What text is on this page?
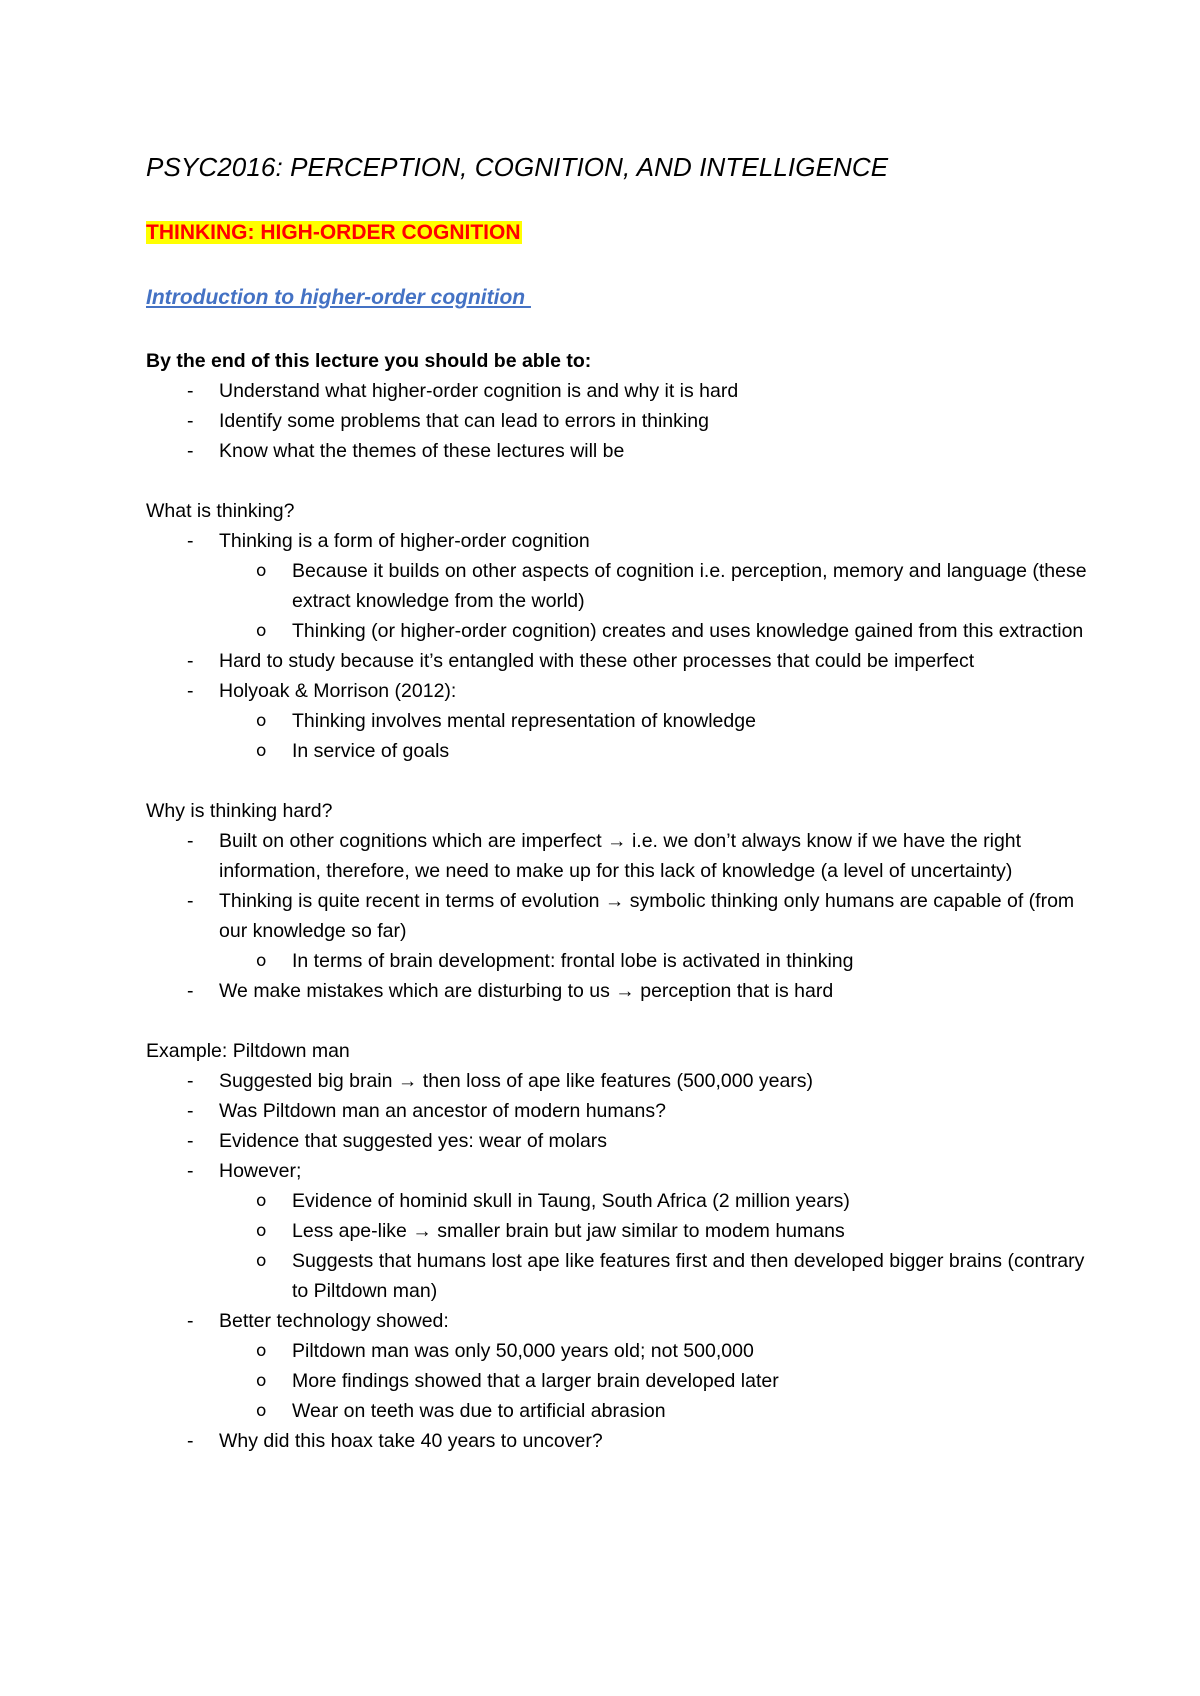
PSYC2016: PERCEPTION, COGNITION, AND INTELLIGENCE
THINKING: HIGH-ORDER COGNITION
Introduction to higher-order cognition

By the end of this lecture you should be able to:

- Understand what higher-order cognition is and why it is hard
- Identify some problems that can lead to errors in thinking
- Know what the themes of these lectures will be

What is thinking?

- Thinking is a form of higher-order cognition
o Because it builds on other aspects of cognition i.e. perception, memory and language (these extract knowledge from the world)
o Thinking (or higher-order cognition) creates and uses knowledge gained from this extraction
- Hard to study because it’s entangled with these other processes that could be imperfect
- Holyoak & Morrison (2012):
o Thinking involves mental representation of knowledge
o In service of goals

Why is thinking hard?

- Built on other cognitions which are imperfect → i.e. we don’t always know if we have the right information, therefore, we need to make up for this lack of knowledge (a level of uncertainty)
- Thinking is quite recent in terms of evolution → symbolic thinking only humans are capable of (from our knowledge so far)
o In terms of brain development: frontal lobe is activated in thinking
- We make mistakes which are disturbing to us → perception that is hard

Example: Piltdown man

- Suggested big brain → then loss of ape like features (500,000 years)
- Was Piltdown man an ancestor of modern humans?
- Evidence that suggested yes: wear of molars
- However;
o Evidence of hominid skull in Taung, South Africa (2 million years)
o Less ape-like → smaller brain but jaw similar to modem humans
o Suggests that humans lost ape like features first and then developed bigger brains (contrary to Piltdown man)
- Better technology showed:
o Piltdown man was only 50,000 years old; not 500,000
o More findings showed that a larger brain developed later
o Wear on teeth was due to artificial abrasion
- Why did this hoax take 40 years to uncover?
